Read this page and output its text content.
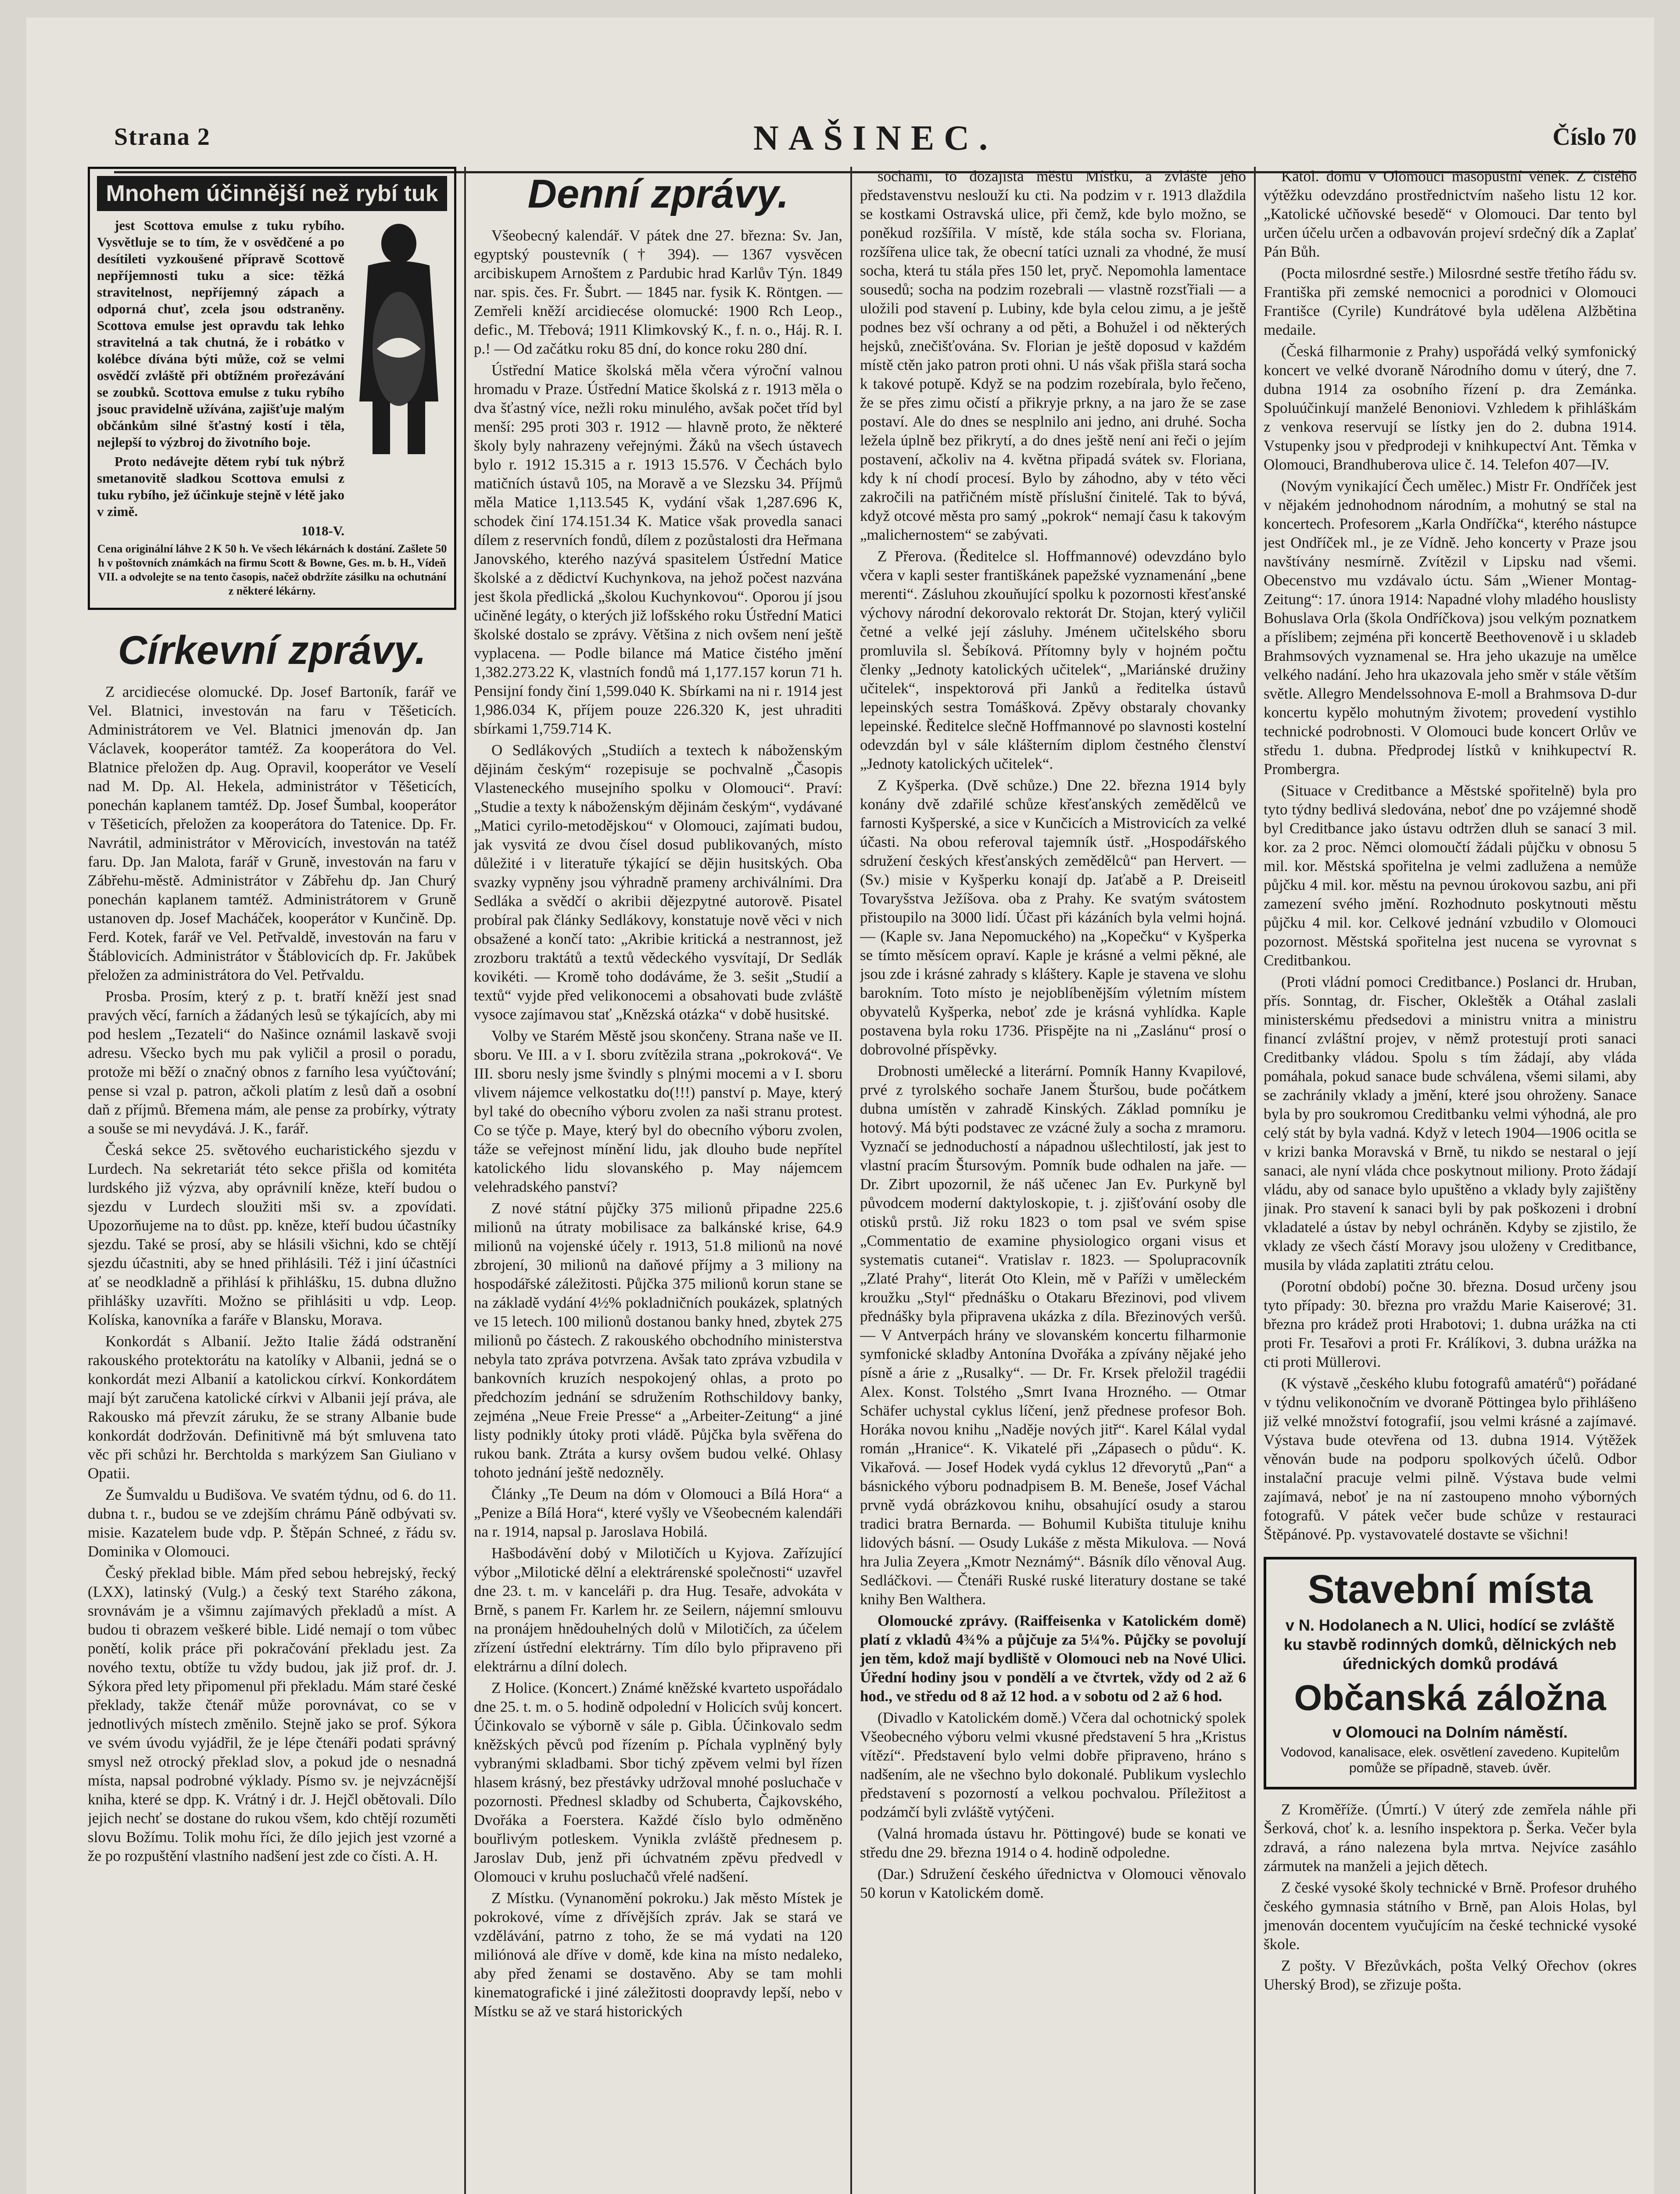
Strana 2	NAŠINEC.	Číslo 70
Mnohem účinnější než rybí tuk

jest Scottova emulse z tuku rybího. Vysvětluje se to tím, že v osvědčené a po desítileti vyzkoušené přípravě Scottově nepříjemnosti tuku a sice: těžká stravitelnost, nepříjemný zápach a odporná chuť, zcela jsou odstraněny. Scottova emulse jest opravdu tak lehko stravitelná a tak chutná, že i robátko v kolébce dívána býti může, což se velmi osvědčí zvláště při obtížném prořezávání se zoubků. Scottova emulse z tuku rybího jsouc pravidelně užívána, zajišťuje malým občánkům silné šťastný kostí i těla, nejlepší to výzbroj do životního boje.

Proto nedávejte dětem rybí tuk nýbrž smetanovitě sladkou Scottova emulsi z tuku rybího, jež účinkuje stejně v létě jako v zimě.

1018-V.

Cena originální láhve 2 K 50 h. Ve všech lékárnách k dostání. Zašlete 50 h v poštovních známkách na firmu Scott & Bowne, Ges. m. b. H., Vídeň VII. a odvolejte se na tento časopis, načež obdržíte zásilku na ochutnání z některé lékárny.

Církevní zprávy.

Z arcidiecése olomucké. Dp. Josef Bartoník, farář ve Vel. Blatnici, investován na faru v Těšeticích. Administrátorem ve Vel. Blatnici jmenován dp. Jan Václavek, kooperátor tamtéž. Za kooperátora do Vel. Blatnice přeložen dp. Aug. Opravil, kooperátor ve Veselí nad M. Dp. Al. Hekela, administrátor v Těšeticích, ponechán kaplanem tamtéž. Dp. Josef Šumbal, kooperátor v Těšeticích, přeložen za kooperátora do Tatenice. Dp. Fr. Navrátil, administrátor v Měrovicích, investován na tatéž faru. Dp. Jan Malota, farář v Gruně, investován na faru v Zábřehu-městě. Administrátor v Zábřehu dp. Jan Churý ponechán kaplanem tamtéž. Administrátorem v Gruně ustanoven dp. Josef Macháček, kooperátor v Kunčině. Dp. Ferd. Kotek, farář ve Vel. Petřvaldě, investován na faru v Štáblovicích. Administrátor v Štáblovicích dp. Fr. Jakůbek přeložen za administrátora do Vel. Petřvaldu.

Prosba. Prosím, který z p. t. bratří kněží jest snad pravých věcí, farních a žádaných lesů se týkajících, aby mi pod heslem „Tezateli“ do Našince oznámil laskavě svoji adresu. Všecko bych mu pak vyličil a prosil o poradu, protože mi běží o značný obnos z farního lesa vyúčtování; pense si vzal p. patron, ačkoli platím z lesů daň a osobní daň z příjmů. Břemena mám, ale pense za probírky, výtraty a souše se mi nevydává. J. K., farář.

Česká sekce 25. světového eucharistického sjezdu v Lurdech. Na sekretariát této sekce přišla od komitéta lurdského již výzva, aby oprávnilí kněze, kteří budou o sjezdu v Lurdech sloužiti mši sv. a zpovídati. Upozorňujeme na to důst. pp. kněze, kteří budou účastníky sjezdu. Také se prosí, aby se hlásili všichni, kdo se chtějí sjezdu účastniti, aby se hned přihlásili. Též i jiní účastníci ať se neodkladně a přihlásí k přihlášku, 15. dubna dlužno přihlášky uzavříti. Možno se přihlásiti u vdp. Leop. Kolíska, kanovníka a faráře v Blansku, Morava.

Konkordát s Albanií. Ježto Italie žádá odstranění rakouského protektorátu na katolíky v Albanii, jedná se o konkordát mezi Albanií a katolickou církví. Konkordátem mají být zaručena katolické církvi v Albanii její práva, ale Rakousko má převzít záruku, že se strany Albanie bude konkordát dodržován. Definitivně má být smluvena tato věc při schůzi hr. Berchtolda s markýzem San Giuliano v Opatii.

Ze Šumvaldu u Budišova. Ve svatém týdnu, od 6. do 11. dubna t. r., budou se ve zdejším chrámu Páně odbývati sv. misie. Kazatelem bude vdp. P. Štěpán Schneé, z řádu sv. Dominika v Olomouci.

Český překlad bible. Mám před sebou hebrejský, řecký (LXX), latinský (Vulg.) a český text Starého zákona, srovnávám je a všimnu zajímavých překladů a míst. A budou ti obrazem veškeré bible. Lidé nemají o tom vůbec ponětí, kolik práce při pokračování překladu jest. Za nového textu, obtíže tu vždy budou, jak již prof. dr. J. Sýkora před lety připomenul při překladu. Mám staré české překlady, takže čtenář může porovnávat, co se v jednotlivých místech změnilo. Stejně jako se prof. Sýkora ve svém úvodu vyjádřil, že je lépe čtenáři podati správný smysl než otrocký překlad slov, a pokud jde o nesnadná místa, napsal podrobné výklady. Písmo sv. je nejvzácnější kniha, které se dpp. K. Vrátný i dr. J. Hejčl obětovali. Dílo jejich nechť se dostane do rukou všem, kdo chtějí rozuměti slovu Božímu. Tolik mohu říci, že dílo jejich jest vzorné a že po rozpuštění vlastního nadšení jest zde co čísti. A. H.

Denní zprávy.

Všeobecný kalendář. V pátek dne 27. března: Sv. Jan, egyptský poustevník († 394). — 1367 vysvěcen arcibiskupem Arnoštem z Pardubic hrad Karlův Týn. 1849 nar. spis. čes. Fr. Šubrt. — 1845 nar. fysik K. Röntgen. — Zemřeli kněží arcidiecése olomucké: 1900 Rch Leop., defic., M. Třebová; 1911 Klimkovský K., f. n. o., Háj. R. I. p.! — Od začátku roku 85 dní, do konce roku 280 dní.

Ústřední Matice školská měla včera výroční valnou hromadu v Praze. Ústřední Matice školská z r. 1913 měla o dva šťastný více, nežli roku minulého, avšak počet tříd byl menší: 295 proti 303 r. 1912 — hlavně proto, že některé školy byly nahrazeny veřejnými. Žáků na všech ústavech bylo r. 1912 15.315 a r. 1913 15.576. V Čechách bylo matičních ústavů 105, na Moravě a ve Slezsku 34. Příjmů měla Matice 1,113.545 K, vydání však 1,287.696 K, schodek činí 174.151.34 K. Matice však provedla sanaci dílem z reservních fondů, dílem z pozůstalosti dra Heřmana Janovského, kterého nazývá spasitelem Ústřední Matice školské a z dědictví Kuchynkova, na jehož počest nazvána jest škola předlická „školou Kuchynkovou“. Oporou jí jsou učiněné legáty, o kterých již lofšského roku Ústřední Matici školské dostalo se zprávy. Většina z nich ovšem není ještě vyplacena. — Podle bilance má Matice čistého jmění 1,382.273.22 K, vlastních fondů má 1,177.157 korun 71 h. Pensijní fondy činí 1,599.040 K. Sbírkami na ni r. 1914 jest 1,986.034 K, příjem pouze 226.320 K, jest uhraditi sbírkami 1,759.714 K.

O Sedlákových „Studiích a textech k náboženským dějinám českým“ rozepisuje se pochvalně „Časopis Vlasteneckého musejního spolku v Olomouci“. Praví: „Studie a texty k náboženským dějinám českým“, vydávané „Matici cyrilo-metodějskou“ v Olomouci, zajímati budou, jak vysvitá ze dvou čísel dosud publikovaných, místo důležité i v literatuře týkající se dějin husitských. Oba svazky vypněny jsou výhradně prameny archiválními. Dra Sedláka a svědčí o akribii dějezpytné autorově. Pisatel probíral pak články Sedlákovy, konstatuje nově věci v nich obsažené a končí tato: „Akribie kritická a nestrannost, jež zrozboru traktátů a textů vědeckého vysvítají, Dr Sedlák kovikéti. — Kromě toho dodáváme, že 3. sešit „Studií a textů“ vyjde před velikonocemi a obsahovati bude zvláště vysoce zajímavou stať „Knězská otázka“ v době husitské.

Volby ve Starém Městě jsou skončeny. Strana naše ve II. sboru. Ve III. a v I. sboru zvítězila strana „pokroková“. Ve III. sboru nesly jsme švindly s plnými mocemi a v I. sboru vlivem nájemce velkostatku do(!!!) panství p. Maye, který byl také do obecního výboru zvolen za naši stranu protest. Co se týče p. Maye, který byl do obecního výboru zvolen, táže se veřejnost mínění lidu, jak dlouho bude nepřítel katolického lidu slovanského p. May nájemcem velehradského panství?

Z nové státní půjčky 375 milionů připadne 225.6 milionů na útraty mobilisace za balkánské krise, 64.9 milionů na vojenské účely r. 1913, 51.8 milionů na nové zbrojení, 30 milionů na daňové příjmy a 3 miliony na hospodářské záležitosti. Půjčka 375 milionů korun stane se na základě vydání 4½% pokladničních poukázek, splatných ve 15 letech. 100 milionů dostanou banky hned, zbytek 275 milionů po částech. Z rakouského obchodního ministerstva nebyla tato zpráva potvrzena. Avšak tato zpráva vzbudila v bankovních kruzích nespokojený ohlas, a proto po předchozím jednání se sdružením Rothschildovy banky, zejména „Neue Freie Presse“ a „Arbeiter-Zeitung“ a jiné listy podnikly útoky proti vládě. Půjčka byla svěřena do rukou bank. Ztráta a kursy ovšem budou velké. Ohlasy tohoto jednání ještě nedozněly.

Články „Te Deum na dóm v Olomouci a Bílá Hora“ a „Penize a Bílá Hora“, které vyšly ve Všeobecném kalendáři na r. 1914, napsal p. Jaroslava Hobilá.

Hašbodávění dobý v Milotičích u Kyjova. Zařízující výbor „Milotické dělní a elektrárenské společnosti“ uzavřel dne 23. t. m. v kanceláři p. dra Hug. Tesaře, advokáta v Brně, s panem Fr. Karlem hr. ze Seilern, nájemní smlouvu na pronájem hnědouhelných dolů v Milotičích, za účelem zřízení ústřední elektrárny. Tím dílo bylo připraveno při elektrárnu a dílní dolech.

Z Holice. (Koncert.) Známé kněžské kvarteto uspořádalo dne 25. t. m. o 5. hodině odpolední v Holicích svůj koncert. Účinkovalo se výborně v sále p. Gibla. Účinkovalo sedm kněžských pěvců pod řízením p. Píchala vyplněný byly vybranými skladbami. Sbor tichý zpěvem velmi byl řízen hlasem krásný, bez přestávky udržoval mnohé posluchače v pozornosti. Přednesl skladby od Schuberta, Čajkovského, Dvořáka a Foerstera. Každé číslo bylo odměněno bouřlivým potleskem. Vynikla zvláště přednesem p. Jaroslav Dub, jenž při úchvatném zpěvu předvedl v Olomouci v kruhu posluchačů vřelé nadšení.

Z Místku. (Vynanomění pokroku.) Jak město Místek je pokrokové, víme z dřívějších zpráv. Jak se stará ve vzdělávání, patrno z toho, že se má vydati na 120 miliónová ale dříve v domě, kde kina na místo nedaleko, aby před ženami se dostavěno. Aby se tam mohli kinematografické i jiné záležitosti doopravdy lepší, nebo v Místku se až ve stará historických

sochami, to dozajista městu Místku, a zvláště jeho představenstvu neslouží ku cti. Na podzim v r. 1913 dlaždila se kostkami Ostravská ulice, při čemž, kde bylo možno, se poněkud rozšířila. V místě, kde stála socha sv. Floriana, rozšířena ulice tak, že obecní tatíci uznali za vhodné, že musí socha, která tu stála přes 150 let, pryč. Nepomohla lamentace sousedů; socha na podzim rozebrali — vlastně rozsťřiali — a uložili pod stavení p. Lubiny, kde byla celou zimu, a je ještě podnes bez vší ochrany a od pěti, a Bohužel i od některých hejsků, znečišťována. Sv. Florian je ještě doposud v každém místě ctěn jako patron proti ohni. U nás však přišla stará socha k takové potupě. Když se na podzim rozebírala, bylo řečeno, že se přes zimu očistí a přikryje prkny, a na jaro že se zase postaví. Ale do dnes se nesplnilo ani jedno, ani druhé. Socha ležela úplně bez přikrytí, a do dnes ještě není ani řeči o jejím postavení, ačkoliv na 4. května připadá svátek sv. Floriana, kdy k ní chodí procesí. Bylo by záhodno, aby v této věci zakročili na patřičném místě příslušní činitelé. Tak to bývá, když otcové města pro samý „pokrok“ nemají času k takovým „malichernostem“ se zabývati.

Z Přerova. (Ředitelce sl. Hoffmannové) odevzdáno bylo včera v kapli sester františkánek papežské vyznamenání „bene merenti“. Zásluhou zkouňující spolku k pozornosti křesťanské výchovy národní dekorovalo rektorát Dr. Stojan, který vyličil četné a velké její zásluhy. Jménem učitelského sboru promluvila sl. Šebíková. Přítomny byly v hojném počtu členky „Jednoty katolických učitelek“, „Mariánské družiny učitelek“, inspektorová při Janků a ředitelka ústavů lepeinských sestra Tomášková. Zpěvy obstaraly chovanky lepeinské. Ředitelce slečně Hoffmannové po slavnosti kostelní odevzdán byl v sále klášterním diplom čestného členství „Jednoty katolických učitelek“.

Z Kyšperka. (Dvě schůze.) Dne 22. března 1914 byly konány dvě zdařilé schůze křesťanských zemědělců ve farnosti Kyšperské, a sice v Kunčicích a Mistrovicích za velké účasti. Na obou referoval tajemník ústř. „Hospodářského sdružení českých křesťanských zemědělců“ pan Hervert. — (Sv.) misie v Kyšperku konají dp. Jaťabě a P. Dreiseitl Tovaryšstva Ježíšova. oba z Prahy. Ke svatým svátostem přistoupilo na 3000 lidí. Účast při kázáních byla velmi hojná. — (Kaple sv. Jana Nepomuckého) na „Kopečku“ v Kyšperka se tímto měsícem opraví. Kaple je krásné a velmi pěkné, ale jsou zde i krásné zahrady s kláštery. Kaple je stavena ve slohu barokním. Toto místo je nejoblíbenějším výletním místem obyvatelů Kyšperka, neboť zde je krásná vyhlídka. Kaple postavena byla roku 1736. Přispějte na ni „Zaslánu“ prosí o dobrovolné příspěvky.

Drobnosti umělecké a literární. Pomník Hanny Kvapilové, prvé z tyrolského sochaře Janem Šturšou, bude počátkem dubna umístěn v zahradě Kinských. Základ pomníku je hotový. Má býti podstavec ze vzácné žuly a socha z mramoru. Vyznačí se jednoduchostí a nápadnou ušlechtilostí, jak jest to vlastní pracím Štursovým. Pomník bude odhalen na jaře. — Dr. Zibrt upozornil, že náš učenec Jan Ev. Purkyně byl původcem moderní daktyloskopie, t. j. zjišťování osoby dle otisků prstů. Již roku 1823 o tom psal ve svém spise „Commentatio de examine physiologico organi visus et systematis cutanei“. Vratislav r. 1823. — Spolupracovník „Zlaté Prahy“, literát Oto Klein, mě v Paříži v uměleckém kroužku „Styl“ přednášku o Otakaru Březinovi, pod vlivem přednášky byla připravena ukázka z díla. Březinových veršů. — V Antverpách hrány ve slovanském koncertu filharmonie symfonické skladby Antonína Dvořáka a zpívány nějaké jeho písně a árie z „Rusalky“. — Dr. Fr. Krsek přeložil tragédii Alex. Konst. Tolstého „Smrt Ivana Hrozného. — Otmar Schäfer uchystal cyklus líčení, jenž přednese profesor Boh. Horáka novou knihu „Naděje nových jitř“. Karel Kálal vydal román „Hranice“. K. Vikatelé při „Zápasech o půdu“. K. Vikařová. — Josef Hodek vydá cyklus 12 dřevorytů „Pan“ a básnického výboru podnadpisem B. M. Beneše, Josef Váchal prvně vydá obrázkovou knihu, obsahující osudy a starou tradici bratra Bernarda. — Bohumil Kubišta tituluje knihu lidových básní. — Osudy Lukáše z města Mikulova. — Nová hra Julia Zeyera „Kmotr Neznámý“. Básník dílo věnoval Aug. Sedláčkovi. — Čtenáři Ruské ruské literatury dostane se také knihy Ben Walthera.

Olomoucké zprávy. (Raiffeisenka v Katolickém domě) platí z vkladů 4¾% a půjčuje za 5¼%. Půjčky se povolují jen těm, kdož mají bydliště v Olomouci neb na Nové Ulici. Úřední hodiny jsou v pondělí a ve čtvrtek, vždy od 2 až 6 hod., ve středu od 8 až 12 hod. a v sobotu od 2 až 6 hod.

(Divadlo v Katolickém domě.) Včera dal ochotnický spolek Všeobecného výboru velmi vkusné představení 5 hra „Kristus vítězí“. Představení bylo velmi dobře připraveno, hráno s nadšením, ale ne všechno bylo dokonalé. Publikum vyslechlo představení s pozorností a velkou pochvalou. Příležitost a podzámčí byli zvláště vytýčeni.

(Valná hromada ústavu hr. Pöttingové) bude se konati ve středu dne 29. března 1914 o 4. hodině odpoledne.

(Dar.) Sdružení českého úřednictva v Olomouci věnovalo 50 korun v Katolickém domě.

Katol. domu v Olomouci masopustní věnek. Z čistého výtěžku odevzdáno prostřednictvím našeho listu 12 kor. „Katolické učňovské besedě“ v Olomouci. Dar tento byl určen účelu určen a odbavován projeví srdečný dík a Zaplať Pán Bůh.

(Pocta milosrdné sestře.) Milosrdné sestře třetího řádu sv. Františka při zemské nemocnici a porodnici v Olomouci Františce (Cyrile) Kundrátové byla udělena Alžbětina medaile.

(Česká filharmonie z Prahy) uspořádá velký symfonický koncert ve velké dvoraně Národního domu v úterý, dne 7. dubna 1914 za osobního řízení p. dra Zemánka. Spoluúčinkují manželé Benoniovi. Vzhledem k přihláškám z venkova reservují se lístky jen do 2. dubna 1914. Vstupenky jsou v předprodeji v knihkupectví Ant. Těmka v Olomouci, Brandhuberova ulice č. 14. Telefon 407—IV.

(Novým vynikající Čech umělec.) Mistr Fr. Ondříček jest v nějakém jednohodnom národním, a mohutný se stal na koncertech. Profesorem „Karla Ondříčka“, kterého nástupce jest Ondříček ml., je ze Vídně. Jeho koncerty v Praze jsou navštívány nesmírně. Zvítězil v Lipsku nad všemi. Obecenstvo mu vzdávalo úctu. Sám „Wiener Montag-Zeitung“: 17. února 1914: Napadné vlohy mladého houslisty Bohuslava Orla (škola Ondříčkova) jsou velkým poznatkem a příslibem; zejména při koncertě Beethovenově i u skladeb Brahmsových vyznamenal se. Hra jeho ukazuje na umělce velkého nadání. Jeho hra ukazovala jeho směr v stále větším světle. Allegro Mendelssohnova E-moll a Brahmsova D-dur koncertu kypělo mohutným životem; provedení vystihlo technické podrobnosti. V Olomouci bude koncert Orlův ve středu 1. dubna. Předprodej lístků v knihkupectví R. Prombergra.

(Situace v Creditbance a Městské spořitelně) byla pro tyto týdny bedlivá sledována, neboť dne po vzájemné shodě byl Creditbance jako ústavu odtržen dluh se sanací 3 mil. kor. za 2 proc. Němci olomoučtí žádali půjčku v obnosu 5 mil. kor. Městská spořitelna je velmi zadlužena a nemůže půjčku 4 mil. kor. městu na pevnou úrokovou sazbu, ani při zamezení svého jmění. Rozhodnuto poskytnouti městu půjčku 4 mil. kor. Celkové jednání vzbudilo v Olomouci pozornost. Městská spořitelna jest nucena se vyrovnat s Creditbankou.

(Proti vládní pomoci Creditbance.) Poslanci dr. Hruban, přís. Sonntag, dr. Fischer, Okleštěk a Otáhal zaslali ministerskému předsedovi a ministru vnitra a ministru financí zvláštní projev, v němž protestují proti sanaci Creditbanky vládou. Spolu s tím žádají, aby vláda pomáhala, pokud sanace bude schválena, všemi silami, aby se zachránily vklady a jmění, které jsou ohroženy. Sanace byla by pro soukromou Creditbanku velmi výhodná, ale pro celý stát by byla vadná. Když v letech 1904—1906 ocitla se v krizi banka Moravská v Brně, tu nikdo se nestaral o její sanaci, ale nyní vláda chce poskytnout miliony. Proto žádají vládu, aby od sanace bylo upuštěno a vklady byly zajištěny jinak. Pro stavení k sanaci byli by pak poškozeni i drobní vkladatelé a ústav by nebyl ochráněn. Kdyby se zjistilo, že vklady ze všech částí Moravy jsou uloženy v Creditbance, musila by vláda zaplatiti ztrátu celou.

(Porotní období) počne 30. března. Dosud určeny jsou tyto případy: 30. března pro vraždu Marie Kaiserové; 31. března pro krádež proti Hrabotovi; 1. dubna urážka na cti proti Fr. Tesařovi a proti Fr. Králíkovi, 3. dubna urážka na cti proti Müllerovi.

(K výstavě „českého klubu fotografů amatérů“) pořádané v týdnu velikonočním ve dvoraně Pöttingea bylo přihlášeno již velké množství fotografií, jsou velmi krásné a zajímavé. Výstava bude otevřena od 13. dubna 1914. Výtěžek věnován bude na podporu spolkových účelů. Odbor instalační pracuje velmi pilně. Výstava bude velmi zajímavá, neboť je na ní zastoupeno mnoho výborných fotografů. V pátek večer bude schůze v restauraci Štěpánové. Pp. vystavovatelé dostavte se všichni!

Stavební místa

v N. Hodolanech a N. Ulici, hodící se zvláště ku stavbě rodinných domků, dělnických neb úřednických domků prodává

Občanská záložna

v Olomouci na Dolním náměstí.

Vodovod, kanalisace, elek. osvětlení zavedeno. Kupitelům pomůže se případně, staveb. úvěr.

Z Kroměříže. (Úmrtí.) V úterý zde zemřela náhle při Šerková, choť k. a. lesního inspektora p. Šerka. Večer byla zdravá, a ráno nalezena byla mrtva. Nejvíce zasáhlo zármutek na manželi a jejich dětech.

Z české vysoké školy technické v Brně. Profesor druhého českého gymnasia státního v Brně, pan Alois Holas, byl jmenován docentem vyučujícím na české technické vysoké škole.

Z pošty. V Březůvkách, pošta Velký Ořechov (okres Uherský Brod), se zřizuje pošta.
